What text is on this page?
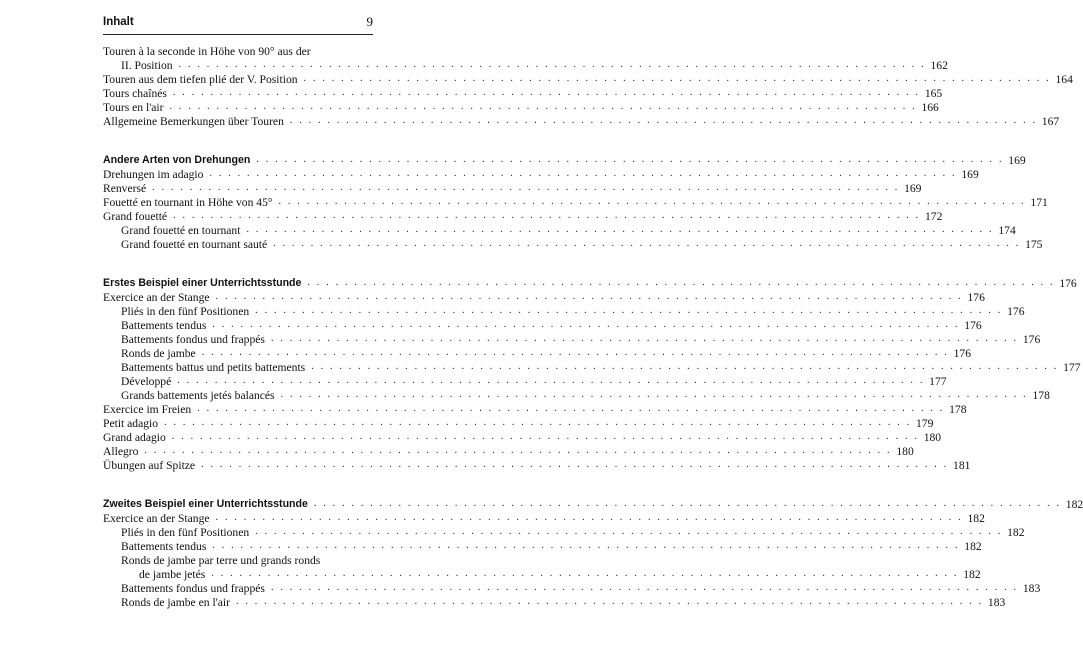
Inhalt	9
Touren à la seconde in Höhe von 90° aus der
II. Position . . . . . . . . . . . . . . . . . . . . . . . . . . . . . . . . . . . . . . . . . . . . . . . . . . . . . . . . . . . . . . . . . . . . . . . . . . . . . . . . 162
Touren aus dem tiefen plié der V. Position . . . . . . . . . . . . . . . . . . . . . . . . . . . . . . . . . . . . . . . . . . . . . . . . . . . . . . . . . . . . . . . . . . . . . . . . . . . . . . . . 164
Tours chaînés . . . . . . . . . . . . . . . . . . . . . . . . . . . . . . . . . . . . . . . . . . . . . . . . . . . . . . . . . . . . . . . . . . . . . . . . . . . . . . . . 165
Tours en l'air . . . . . . . . . . . . . . . . . . . . . . . . . . . . . . . . . . . . . . . . . . . . . . . . . . . . . . . . . . . . . . . . . . . . . . . . . . . . . . . . 166
Allgemeine Bemerkungen über Touren . . . . . . . . . . . . . . . . . . . . . . . . . . . . . . . . . . . . . . . . . . . . . . . . . . . . . . . . . . . . . . . . . . . . . . . . . . . . . . . . 167
Andere Arten von Drehungen . . . . . . . . . . . . . . . . . . . . . . . . . . . . . . . . . . . . . . . . . . . . . . . . . . . . . . . . . . . . . . . . . . . . . . . . . . . . . . . . 169
Drehungen im adagio . . . . . . . . . . . . . . . . . . . . . . . . . . . . . . . . . . . . . . . . . . . . . . . . . . . . . . . . . . . . . . . . . . . . . . . . . . . . . . . . 169
Renversé . . . . . . . . . . . . . . . . . . . . . . . . . . . . . . . . . . . . . . . . . . . . . . . . . . . . . . . . . . . . . . . . . . . . . . . . . . . . . . . . 169
Fouetté en tournant in Höhe von 45° . . . . . . . . . . . . . . . . . . . . . . . . . . . . . . . . . . . . . . . . . . . . . . . . . . . . . . . . . . . . . . . . . . . . . . . . . . . . . . . . 171
Grand fouetté . . . . . . . . . . . . . . . . . . . . . . . . . . . . . . . . . . . . . . . . . . . . . . . . . . . . . . . . . . . . . . . . . . . . . . . . . . . . . . . . 172
Grand fouetté en tournant . . . . . . . . . . . . . . . . . . . . . . . . . . . . . . . . . . . . . . . . . . . . . . . . . . . . . . . . . . . . . . . . . . . . . . . . . . . . . . . . 174
Grand fouetté en tournant sauté . . . . . . . . . . . . . . . . . . . . . . . . . . . . . . . . . . . . . . . . . . . . . . . . . . . . . . . . . . . . . . . . . . . . . . . . . . . . . . . . 175
Erstes Beispiel einer Unterrichtsstunde . . . . . . . . . . . . . . . . . . . . . . . . . . . . . . . . . . . . . . . . . . . . . . . . . . . . . . . . . . . . . . . . . . . . . . . . . . . . . . . . 176
Exercice an der Stange . . . . . . . . . . . . . . . . . . . . . . . . . . . . . . . . . . . . . . . . . . . . . . . . . . . . . . . . . . . . . . . . . . . . . . . . . . . . . . . . 176
Pliés in den fünf Positionen . . . . . . . . . . . . . . . . . . . . . . . . . . . . . . . . . . . . . . . . . . . . . . . . . . . . . . . . . . . . . . . . . . . . . . . . . . . . . . . . 176
Battements tendus . . . . . . . . . . . . . . . . . . . . . . . . . . . . . . . . . . . . . . . . . . . . . . . . . . . . . . . . . . . . . . . . . . . . . . . . . . . . . . . . 176
Battements fondus und frappés . . . . . . . . . . . . . . . . . . . . . . . . . . . . . . . . . . . . . . . . . . . . . . . . . . . . . . . . . . . . . . . . . . . . . . . . . . . . . . . . 176
Ronds de jambe . . . . . . . . . . . . . . . . . . . . . . . . . . . . . . . . . . . . . . . . . . . . . . . . . . . . . . . . . . . . . . . . . . . . . . . . . . . . . . . . 176
Battements battus und petits battements . . . . . . . . . . . . . . . . . . . . . . . . . . . . . . . . . . . . . . . . . . . . . . . . . . . . . . . . . . . . . . . . . . . . . . . . . . . . . . . . 177
Développé . . . . . . . . . . . . . . . . . . . . . . . . . . . . . . . . . . . . . . . . . . . . . . . . . . . . . . . . . . . . . . . . . . . . . . . . . . . . . . . . 177
Grands battements jetés balancés . . . . . . . . . . . . . . . . . . . . . . . . . . . . . . . . . . . . . . . . . . . . . . . . . . . . . . . . . . . . . . . . . . . . . . . . . . . . . . . . 178
Exercice im Freien . . . . . . . . . . . . . . . . . . . . . . . . . . . . . . . . . . . . . . . . . . . . . . . . . . . . . . . . . . . . . . . . . . . . . . . . . . . . . . . . 178
Petit adagio . . . . . . . . . . . . . . . . . . . . . . . . . . . . . . . . . . . . . . . . . . . . . . . . . . . . . . . . . . . . . . . . . . . . . . . . . . . . . . . . 179
Grand adagio . . . . . . . . . . . . . . . . . . . . . . . . . . . . . . . . . . . . . . . . . . . . . . . . . . . . . . . . . . . . . . . . . . . . . . . . . . . . . . . . 180
Allegro . . . . . . . . . . . . . . . . . . . . . . . . . . . . . . . . . . . . . . . . . . . . . . . . . . . . . . . . . . . . . . . . . . . . . . . . . . . . . . . . 180
Übungen auf Spitze . . . . . . . . . . . . . . . . . . . . . . . . . . . . . . . . . . . . . . . . . . . . . . . . . . . . . . . . . . . . . . . . . . . . . . . . . . . . . . . . 181
Zweites Beispiel einer Unterrichtsstunde . . . . . . . . . . . . . . . . . . . . . . . . . . . . . . . . . . . . . . . . . . . . . . . . . . . . . . . . . . . . . . . . . . . . . . . . . . . . . . . . 182
Exercice an der Stange . . . . . . . . . . . . . . . . . . . . . . . . . . . . . . . . . . . . . . . . . . . . . . . . . . . . . . . . . . . . . . . . . . . . . . . . . . . . . . . . 182
Pliés in den fünf Positionen . . . . . . . . . . . . . . . . . . . . . . . . . . . . . . . . . . . . . . . . . . . . . . . . . . . . . . . . . . . . . . . . . . . . . . . . . . . . . . . . 182
Battements tendus . . . . . . . . . . . . . . . . . . . . . . . . . . . . . . . . . . . . . . . . . . . . . . . . . . . . . . . . . . . . . . . . . . . . . . . . . . . . . . . . 182
Ronds de jambe par terre und grands ronds
de jambe jetés . . . . . . . . . . . . . . . . . . . . . . . . . . . . . . . . . . . . . . . . . . . . . . . . . . . . . . . . . . . . . . . . . . . . . . . . . . . . . . . . 182
Battements fondus und frappés . . . . . . . . . . . . . . . . . . . . . . . . . . . . . . . . . . . . . . . . . . . . . . . . . . . . . . . . . . . . . . . . . . . . . . . . . . . . . . . . 183
Ronds de jambe en l'air . . . . . . . . . . . . . . . . . . . . . . . . . . . . . . . . . . . . . . . . . . . . . . . . . . . . . . . . . . . . . . . . . . . . . . . . . . . . . . . . 183
